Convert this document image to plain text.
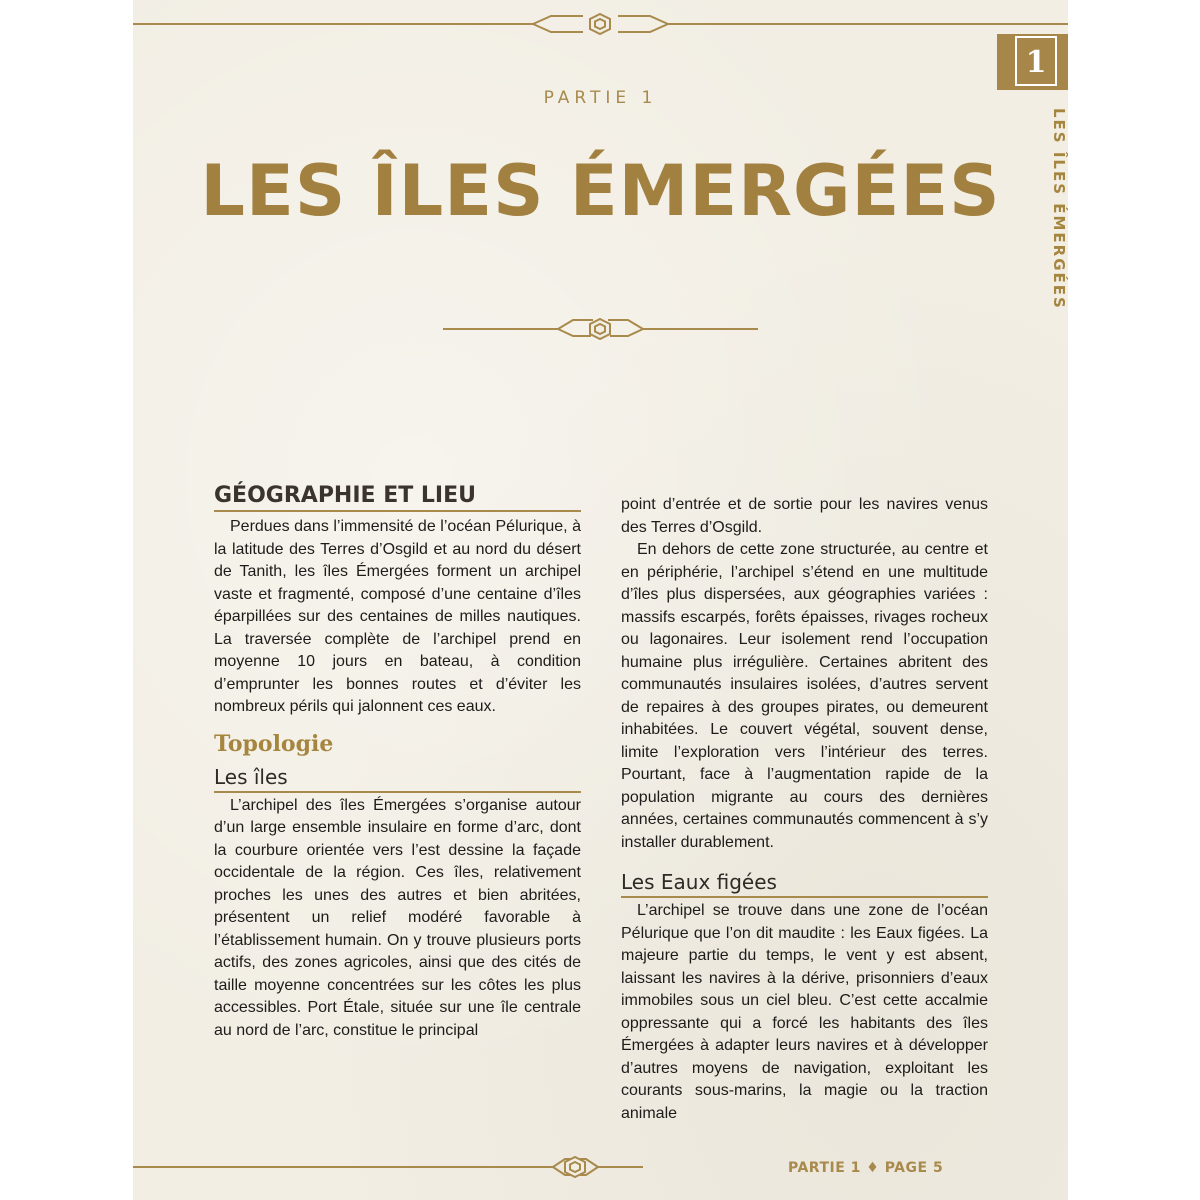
PARTIE 1
LES ÎLES ÉMERGÉES
GÉOGRAPHIE ET LIEU

Perdues dans l’immensité de l’océan Pélurique, à la latitude des Terres d’Osgild et au nord du désert de Tanith, les îles Émergées forment un archipel vaste et fragmenté, composé d’une centaine d’îles éparpillées sur des centaines de milles nautiques. La traversée complète de l’archipel prend en moyenne 10 jours en bateau, à condition d’emprunter les bonnes routes et d’éviter les nombreux périls qui jalonnent ces eaux.

Topologie
Les îles

L’archipel des îles Émergées s’organise autour d’un large ensemble insulaire en forme d’arc, dont la courbure orientée vers l’est dessine la façade occidentale de la région. Ces îles, relativement proches les unes des autres et bien abritées, présentent un relief modéré favorable à l’établissement humain. On y trouve plusieurs ports actifs, des zones agricoles, ainsi que des cités de taille moyenne concentrées sur les côtes les plus accessibles. Port Étale, située sur une île centrale au nord de l’arc, constitue le principal

point d’entrée et de sortie pour les navires venus des Terres d’Osgild.

En dehors de cette zone structurée, au centre et en périphérie, l’archipel s’étend en une multitude d’îles plus dispersées, aux géographies variées : massifs escarpés, forêts épaisses, rivages rocheux ou lagonaires. Leur isolement rend l’occupation humaine plus irrégulière. Certaines abritent des communautés insulaires isolées, d’autres servent de repaires à des groupes pirates, ou demeurent inhabitées. Le couvert végétal, souvent dense, limite l’exploration vers l’intérieur des terres. Pourtant, face à l’augmentation rapide de la population migrante au cours des dernières années, certaines communautés commencent à s’y installer durablement.

Les Eaux figées

L’archipel se trouve dans une zone de l’océan Pélurique que l’on dit maudite : les Eaux figées. La majeure partie du temps, le vent y est absent, laissant les navires à la dérive, prisonniers d’eaux immobiles sous un ciel bleu. C’est cette accalmie oppressante qui a forcé les habitants des îles Émergées à adapter leurs navires et à développer d’autres moyens de navigation, exploitant les courants sous-marins, la magie ou la traction animale

PARTIE 1 ♦ PAGE 5
1
LES ÎLES ÉMERGÉES
